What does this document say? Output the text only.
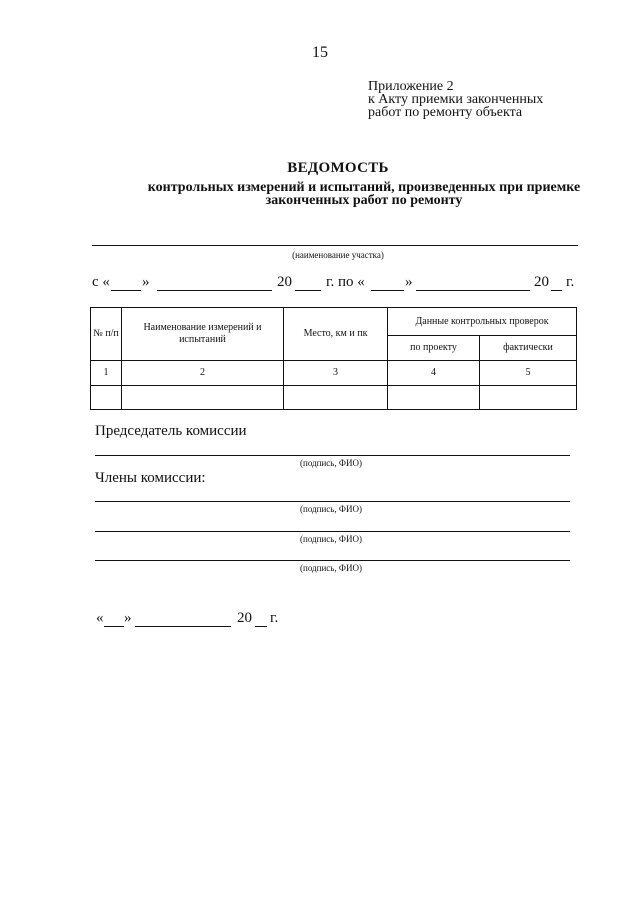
15
Приложение 2
к Акту приемки законченных
работ по ремонту объекта
ВЕДОМОСТЬ
контрольных измерений и испытаний, произведенных при приемке
законченных работ по ремонту
(наименование участка)
с « »	20 г. по «	»	20 г.
№ п/п	Наименование измерений и испытаний	Место, км и пк	Данные контрольных проверок	
			по проекту	фактически
1	2	3	4	5

Председатель комиссии
(подпись, ФИО)
Члены комиссии:
(подпись, ФИО)
(подпись, ФИО)
(подпись, ФИО)
« »	20 г.
